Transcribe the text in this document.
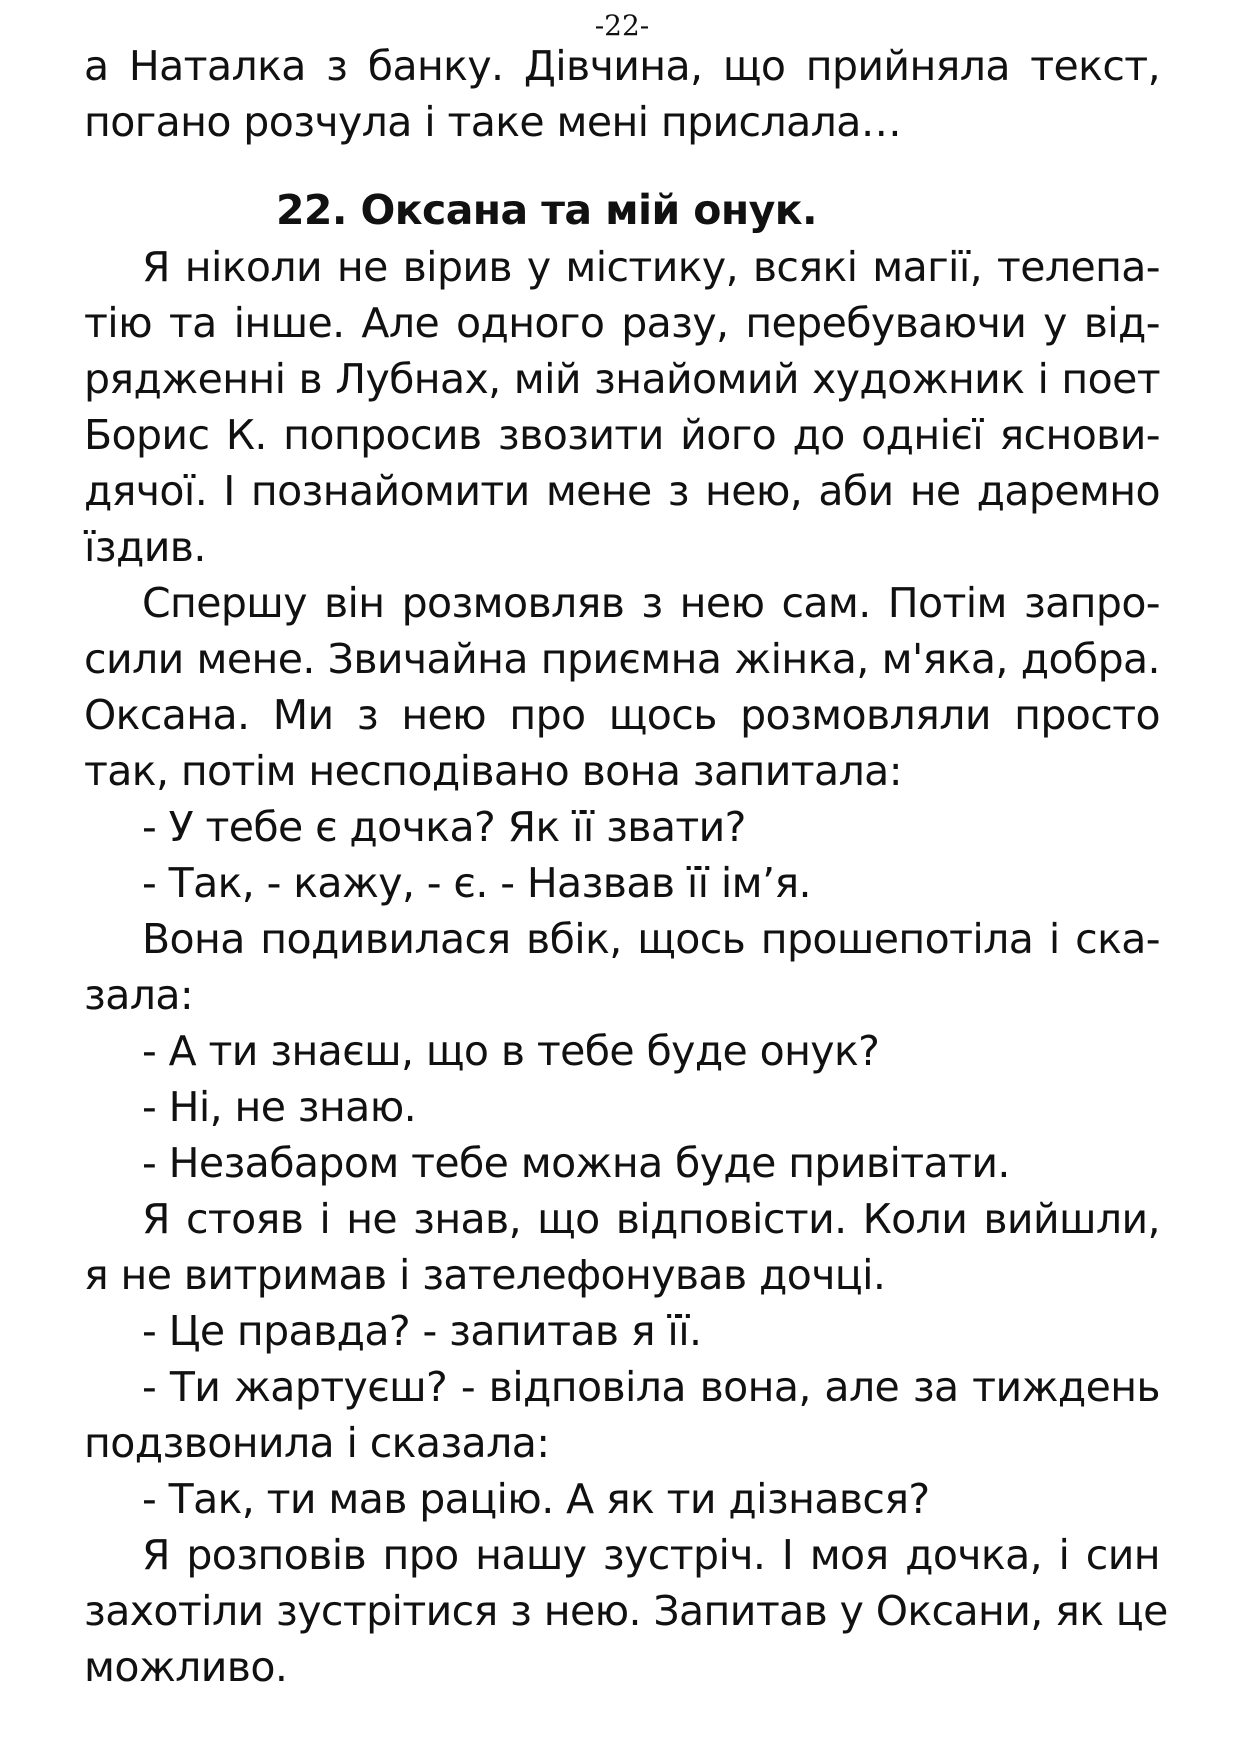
-22-
а Наталка з банку. Дівчина, що прийняла текст,
погано розчула і таке мені прислала…
22. Оксана та мій онук.
Я ніколи не вірив у містику, всякі магії, телепа-
тію та інше. Але одного разу, перебуваючи у від-
рядженні в Лубнах, мій знайомий художник і поет
Борис К. попросив звозити його до однієї яснови-
дячої. І познайомити мене з нею, аби не даремно
їздив.
Спершу він розмовляв з нею сам. Потім запро-
сили мене. Звичайна приємна жінка, м'яка, добра.
Оксана. Ми з нею про щось розмовляли просто
так, потім несподівано вона запитала:
- У тебе є дочка? Як її звати?
- Так, - кажу, - є. - Назвав її ім’я.
Вона подивилася вбік, щось прошепотіла і ска-
зала:
- А ти знаєш, що в тебе буде онук?
- Ні, не знаю.
- Незабаром тебе можна буде привітати.
Я стояв і не знав, що відповісти. Коли вийшли,
я не витримав і зателефонував дочці.
- Це правда? - запитав я її.
- Ти жартуєш? - відповіла вона, але за тиждень
подзвонила і сказала:
- Так, ти мав рацію. А як ти дізнався?
Я розповів про нашу зустріч. І моя дочка, і син
захотіли зустрітися з нею. Запитав у Оксани, як це
можливо.
